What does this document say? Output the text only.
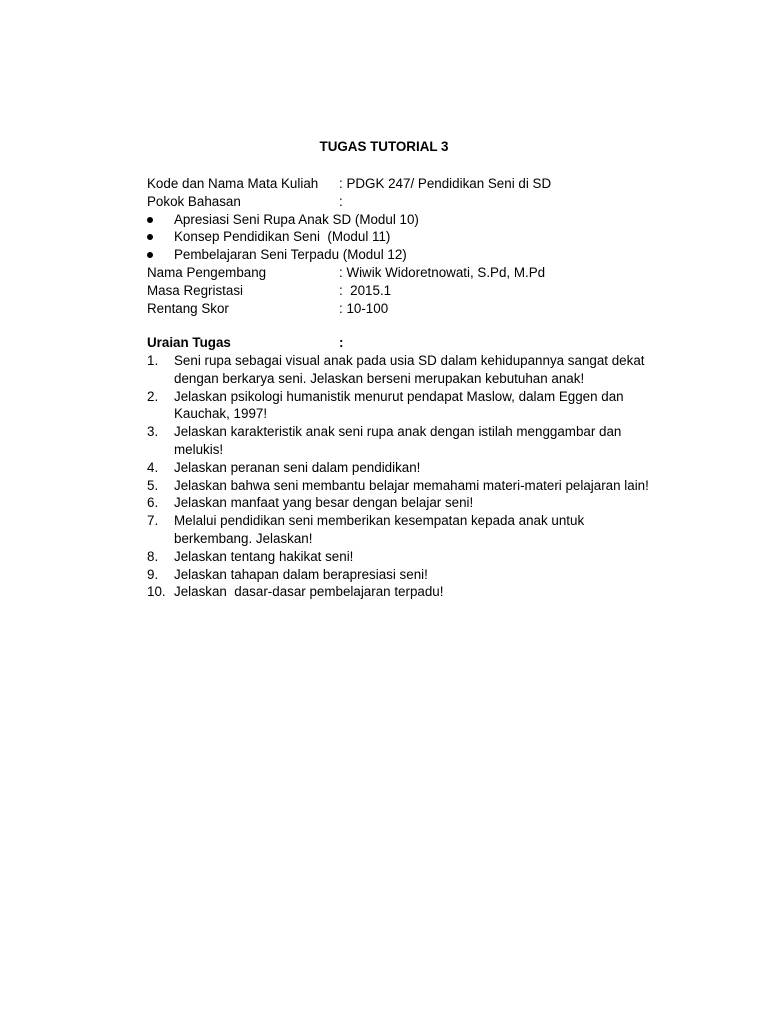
TUGAS TUTORIAL 3
Kode dan Nama Mata Kuliah : PDGK 247/ Pendidikan Seni di SD
Pokok Bahasan	:
Apresiasi Seni Rupa Anak SD (Modul 10)
Konsep Pendidikan Seni  (Modul 11)
Pembelajaran Seni Terpadu (Modul 12)
Nama Pengembang	: Wiwik Widoretnowati, S.Pd, M.Pd
Masa Regristasi	:  2015.1
Rentang Skor	: 10-100
Uraian Tugas	:
1. Seni rupa sebagai visual anak pada usia SD dalam kehidupannya sangat dekat dengan berkarya seni. Jelaskan berseni merupakan kebutuhan anak!
2. Jelaskan psikologi humanistik menurut pendapat Maslow, dalam Eggen dan Kauchak, 1997!
3. Jelaskan karakteristik anak seni rupa anak dengan istilah menggambar dan melukis!
4. Jelaskan peranan seni dalam pendidikan!
5. Jelaskan bahwa seni membantu belajar memahami materi-materi pelajaran lain!
6. Jelaskan manfaat yang besar dengan belajar seni!
7. Melalui pendidikan seni memberikan kesempatan kepada anak untuk berkembang. Jelaskan!
8. Jelaskan tentang hakikat seni!
9. Jelaskan tahapan dalam berapresiasi seni!
10. Jelaskan  dasar-dasar pembelajaran terpadu!
